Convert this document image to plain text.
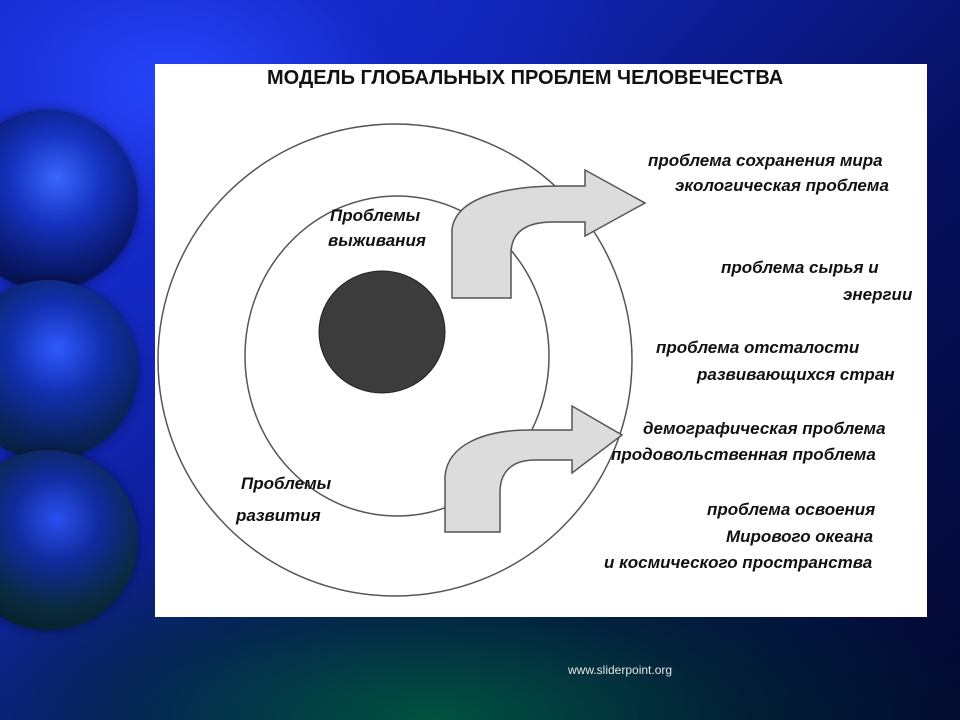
МОДЕЛЬ ГЛОБАЛЬНЫХ ПРОБЛЕМ ЧЕЛОВЕЧЕСТВА
Проблемы
выживания
Проблемы
развития
проблема сохранения мира
экологическая проблема
проблема сырья и
энергии
проблема отсталости
развивающихся стран
демографическая проблема
продовольственная проблема
проблема освоения
Мирового океана
и космического пространства
www.sliderpoint.org
